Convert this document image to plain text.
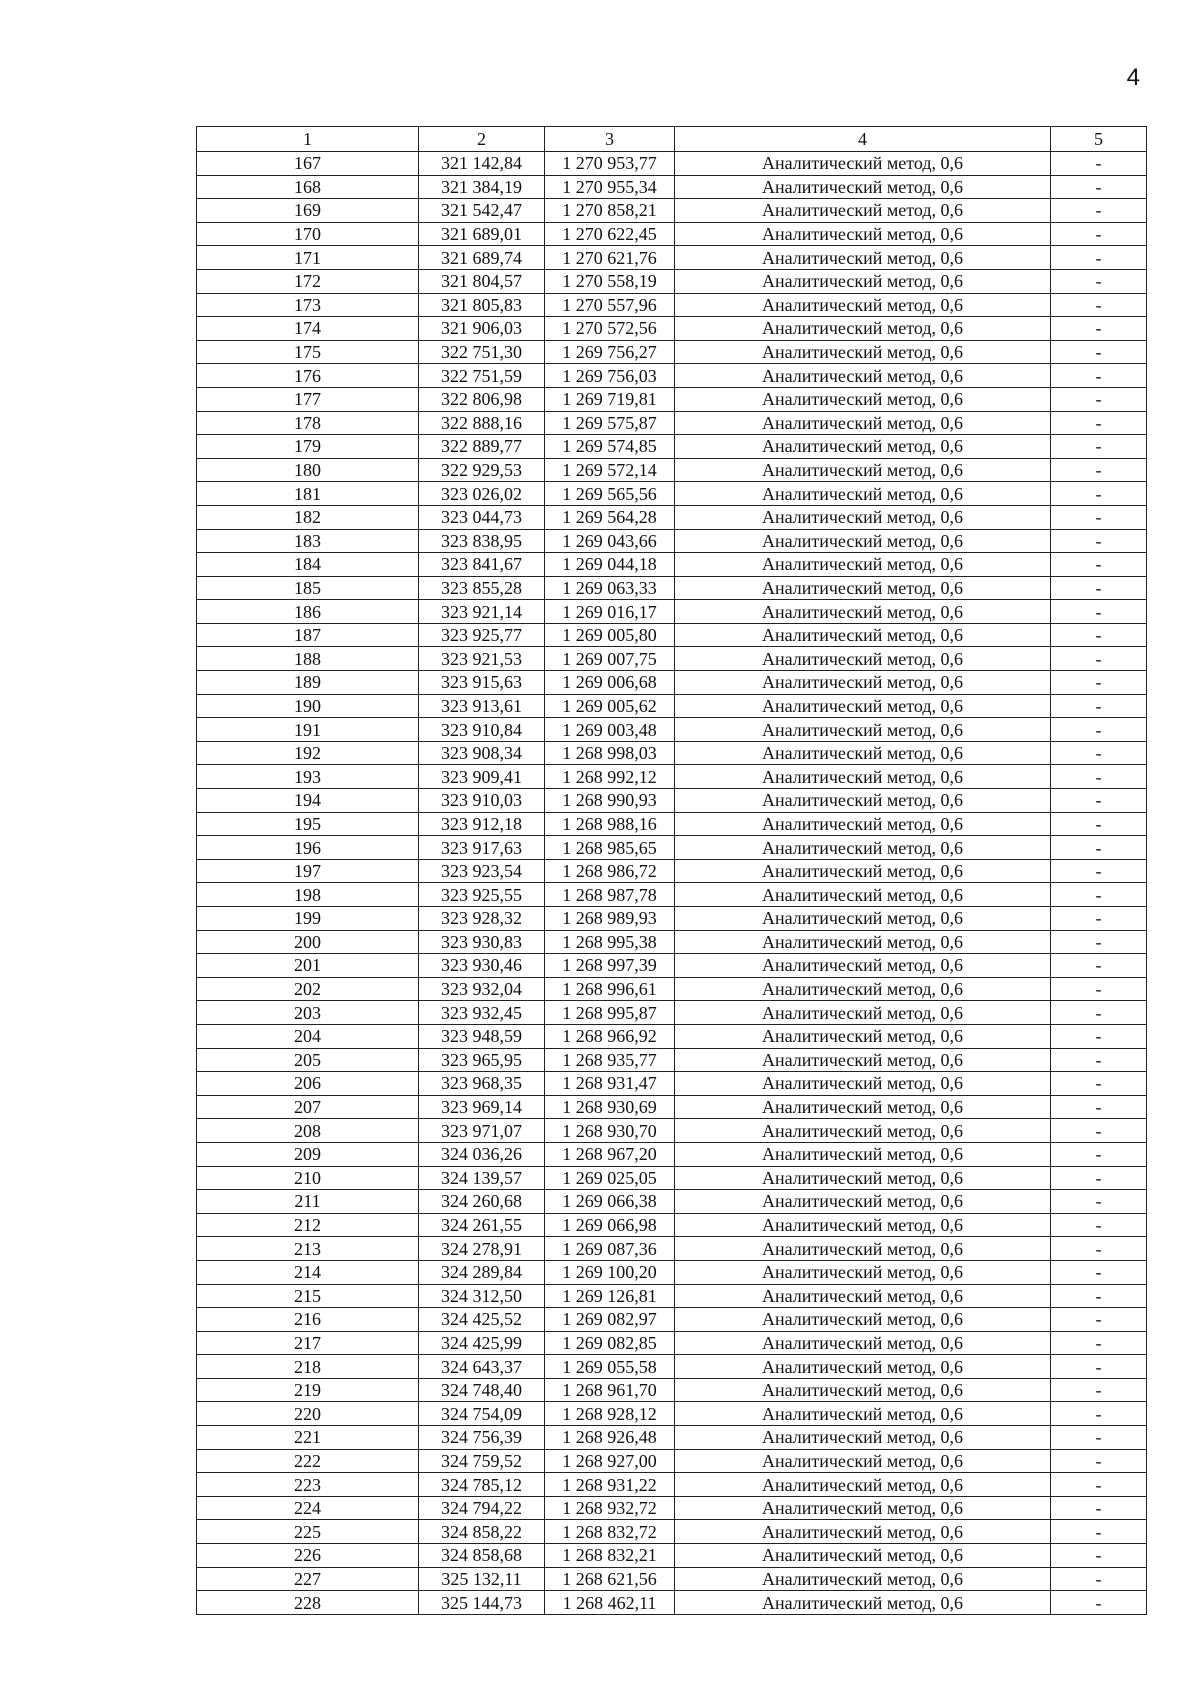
4
1	2	3	4	5
167	321 142,84	1 270 953,77	Аналитический метод, 0,6	-
168	321 384,19	1 270 955,34	Аналитический метод, 0,6	-
169	321 542,47	1 270 858,21	Аналитический метод, 0,6	-
170	321 689,01	1 270 622,45	Аналитический метод, 0,6	-
171	321 689,74	1 270 621,76	Аналитический метод, 0,6	-
172	321 804,57	1 270 558,19	Аналитический метод, 0,6	-
173	321 805,83	1 270 557,96	Аналитический метод, 0,6	-
174	321 906,03	1 270 572,56	Аналитический метод, 0,6	-
175	322 751,30	1 269 756,27	Аналитический метод, 0,6	-
176	322 751,59	1 269 756,03	Аналитический метод, 0,6	-
177	322 806,98	1 269 719,81	Аналитический метод, 0,6	-
178	322 888,16	1 269 575,87	Аналитический метод, 0,6	-
179	322 889,77	1 269 574,85	Аналитический метод, 0,6	-
180	322 929,53	1 269 572,14	Аналитический метод, 0,6	-
181	323 026,02	1 269 565,56	Аналитический метод, 0,6	-
182	323 044,73	1 269 564,28	Аналитический метод, 0,6	-
183	323 838,95	1 269 043,66	Аналитический метод, 0,6	-
184	323 841,67	1 269 044,18	Аналитический метод, 0,6	-
185	323 855,28	1 269 063,33	Аналитический метод, 0,6	-
186	323 921,14	1 269 016,17	Аналитический метод, 0,6	-
187	323 925,77	1 269 005,80	Аналитический метод, 0,6	-
188	323 921,53	1 269 007,75	Аналитический метод, 0,6	-
189	323 915,63	1 269 006,68	Аналитический метод, 0,6	-
190	323 913,61	1 269 005,62	Аналитический метод, 0,6	-
191	323 910,84	1 269 003,48	Аналитический метод, 0,6	-
192	323 908,34	1 268 998,03	Аналитический метод, 0,6	-
193	323 909,41	1 268 992,12	Аналитический метод, 0,6	-
194	323 910,03	1 268 990,93	Аналитический метод, 0,6	-
195	323 912,18	1 268 988,16	Аналитический метод, 0,6	-
196	323 917,63	1 268 985,65	Аналитический метод, 0,6	-
197	323 923,54	1 268 986,72	Аналитический метод, 0,6	-
198	323 925,55	1 268 987,78	Аналитический метод, 0,6	-
199	323 928,32	1 268 989,93	Аналитический метод, 0,6	-
200	323 930,83	1 268 995,38	Аналитический метод, 0,6	-
201	323 930,46	1 268 997,39	Аналитический метод, 0,6	-
202	323 932,04	1 268 996,61	Аналитический метод, 0,6	-
203	323 932,45	1 268 995,87	Аналитический метод, 0,6	-
204	323 948,59	1 268 966,92	Аналитический метод, 0,6	-
205	323 965,95	1 268 935,77	Аналитический метод, 0,6	-
206	323 968,35	1 268 931,47	Аналитический метод, 0,6	-
207	323 969,14	1 268 930,69	Аналитический метод, 0,6	-
208	323 971,07	1 268 930,70	Аналитический метод, 0,6	-
209	324 036,26	1 268 967,20	Аналитический метод, 0,6	-
210	324 139,57	1 269 025,05	Аналитический метод, 0,6	-
211	324 260,68	1 269 066,38	Аналитический метод, 0,6	-
212	324 261,55	1 269 066,98	Аналитический метод, 0,6	-
213	324 278,91	1 269 087,36	Аналитический метод, 0,6	-
214	324 289,84	1 269 100,20	Аналитический метод, 0,6	-
215	324 312,50	1 269 126,81	Аналитический метод, 0,6	-
216	324 425,52	1 269 082,97	Аналитический метод, 0,6	-
217	324 425,99	1 269 082,85	Аналитический метод, 0,6	-
218	324 643,37	1 269 055,58	Аналитический метод, 0,6	-
219	324 748,40	1 268 961,70	Аналитический метод, 0,6	-
220	324 754,09	1 268 928,12	Аналитический метод, 0,6	-
221	324 756,39	1 268 926,48	Аналитический метод, 0,6	-
222	324 759,52	1 268 927,00	Аналитический метод, 0,6	-
223	324 785,12	1 268 931,22	Аналитический метод, 0,6	-
224	324 794,22	1 268 932,72	Аналитический метод, 0,6	-
225	324 858,22	1 268 832,72	Аналитический метод, 0,6	-
226	324 858,68	1 268 832,21	Аналитический метод, 0,6	-
227	325 132,11	1 268 621,56	Аналитический метод, 0,6	-
228	325 144,73	1 268 462,11	Аналитический метод, 0,6	-
